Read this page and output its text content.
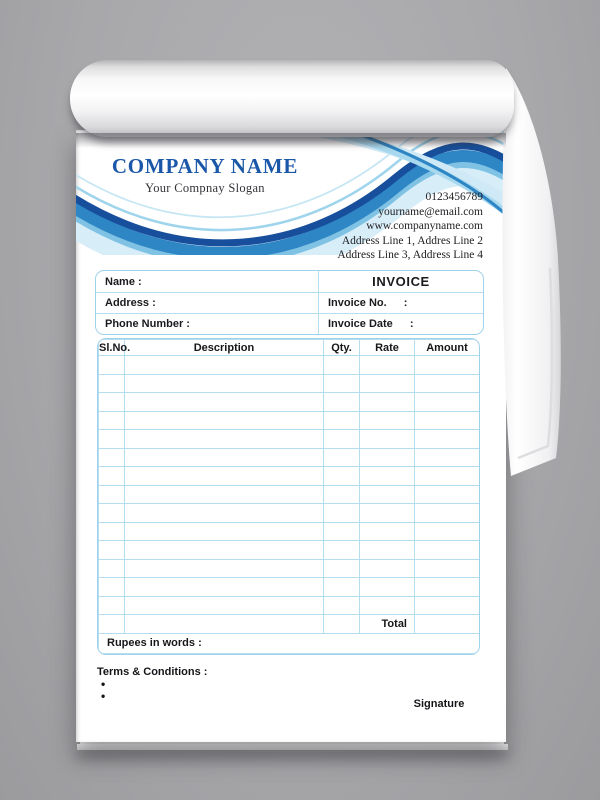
COMPANY NAME
Your Compnay Slogan
0123456789
yourname@email.com
www.companyname.com
Address Line 1, Addres Line 2
Address Line 3, Address Line 4
Name :	INVOICE
Address :	Invoice No. :
Phone Number :	Invoice Date :
Sl.No.	Description	Qty.	Rate	Amount

			Total	
Rupees in words :				
Terms & Conditions :
•
•
Signature
